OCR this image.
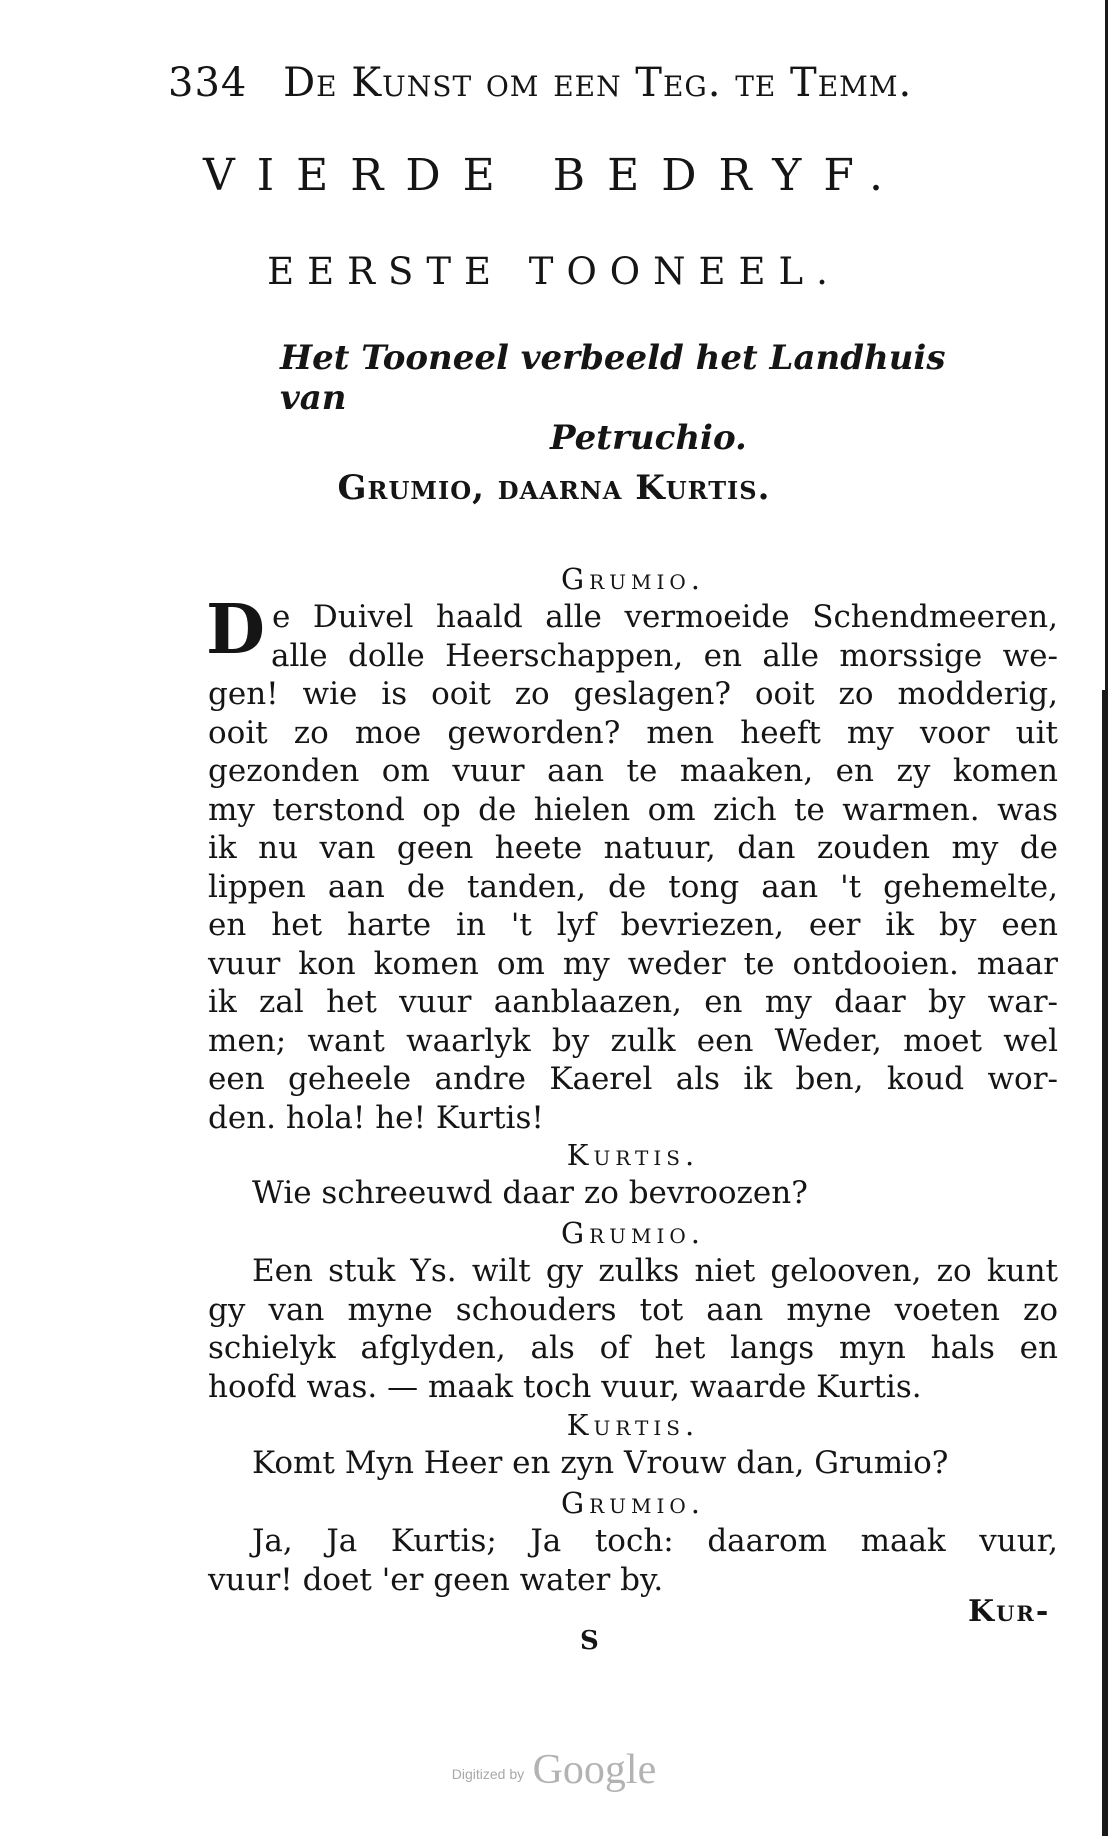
334 De Kunst om een Teg. te Temm.
VIERDE BEDRYF.
EERSTE TOONEEL.
Het Tooneel verbeeld het Landhuis van
Petruchio.
Grumio, daarna Kurtis.
Grumio.
D e Duivel haald alle vermoeide Schendmeeren,
alle dolle Heerschappen, en alle morssige we-
gen! wie is ooit zo geslagen? ooit zo modderig,
ooit zo moe geworden? men heeft my voor uit
gezonden om vuur aan te maaken, en zy komen
my terstond op de hielen om zich te warmen. was
ik nu van geen heete natuur, dan zouden my de
lippen aan de tanden, de tong aan 't gehemelte,
en het harte in 't lyf bevriezen, eer ik by een
vuur kon komen om my weder te ontdooien. maar
ik zal het vuur aanblaazen, en my daar by war-
men; want waarlyk by zulk een Weder, moet wel
een geheele andre Kaerel als ik ben, koud wor-
den. hola! he! Kurtis!
Kurtis.
Wie schreeuwd daar zo bevroozen?
Grumio.
Een stuk Ys. wilt gy zulks niet gelooven, zo kunt
gy van myne schouders tot aan myne voeten zo
schielyk afglyden, als of het langs myn hals en
hoofd was. — maak toch vuur, waarde Kurtis.
Kurtis.
Komt Myn Heer en zyn Vrouw dan, Grumio?
Grumio.
Ja, Ja Kurtis; Ja toch: daarom maak vuur,
vuur! doet 'er geen water by.
S
Kur-
Digitized by Google
